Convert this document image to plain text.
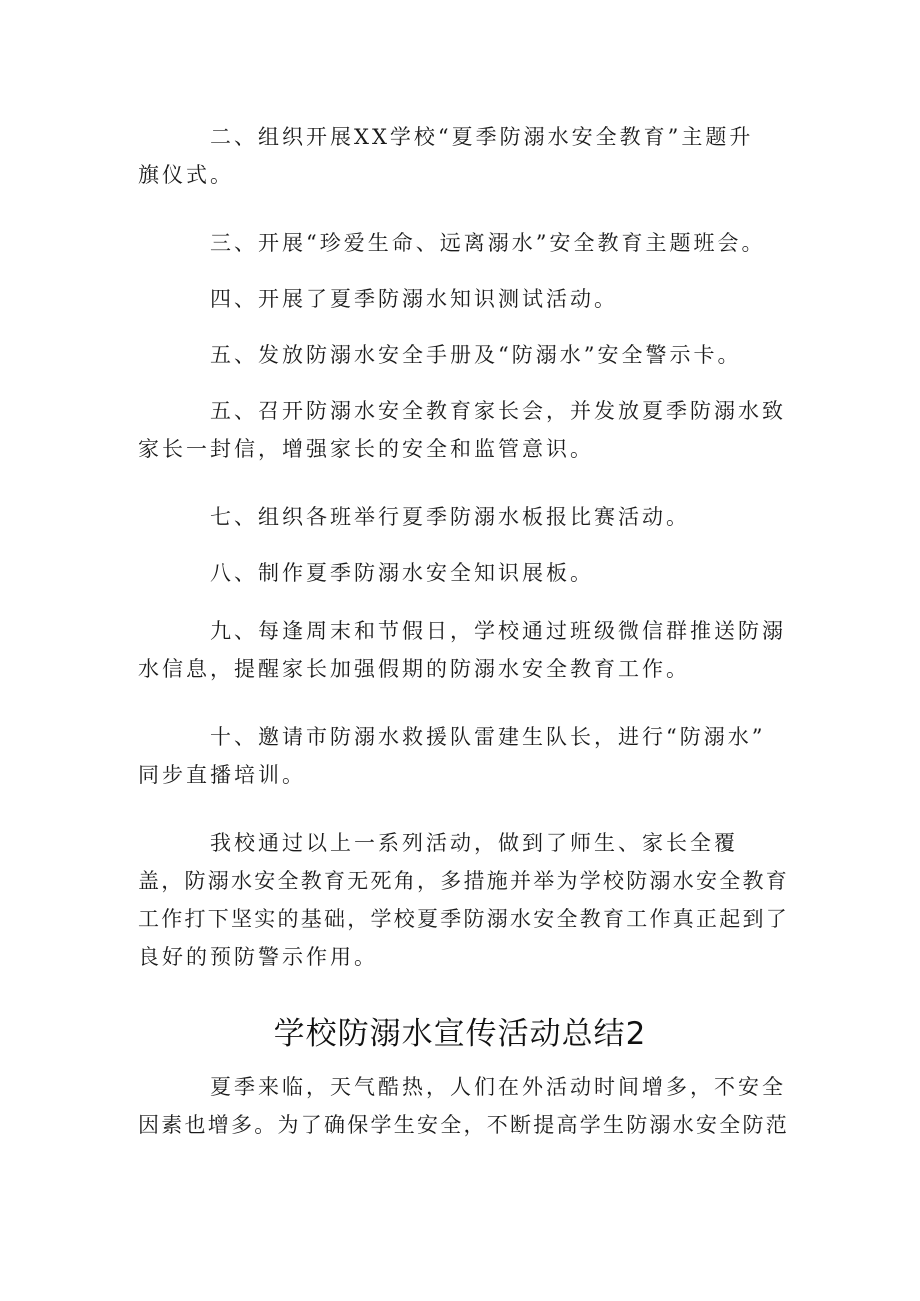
　　　二、组织开展XX学校“夏季防溺水安全教育”主题升
旗仪式。
　　　三、开展“珍爱生命、远离溺水”安全教育主题班会。
　　　四、开展了夏季防溺水知识测试活动。
　　　五、发放防溺水安全手册及“防溺水”安全警示卡。
　　　五、召开防溺水安全教育家长会，并发放夏季防溺水致
家长一封信，增强家长的安全和监管意识。
　　　七、组织各班举行夏季防溺水板报比赛活动。
　　　八、制作夏季防溺水安全知识展板。
　　　九、每逢周末和节假日，学校通过班级微信群推送防溺
水信息，提醒家长加强假期的防溺水安全教育工作。
　　　十、邀请市防溺水救援队雷建生队长，进行“防溺水”
同步直播培训。
　　　我校通过以上一系列活动，做到了师生、家长全覆
盖，防溺水安全教育无死角，多措施并举为学校防溺水安全教育
工作打下坚实的基础，学校夏季防溺水安全教育工作真正起到了
良好的预防警示作用。
学校防溺水宣传活动总结2
　　　夏季来临，天气酷热，人们在外活动时间增多，不安全
因素也增多。为了确保学生安全，不断提高学生防溺水安全防范
